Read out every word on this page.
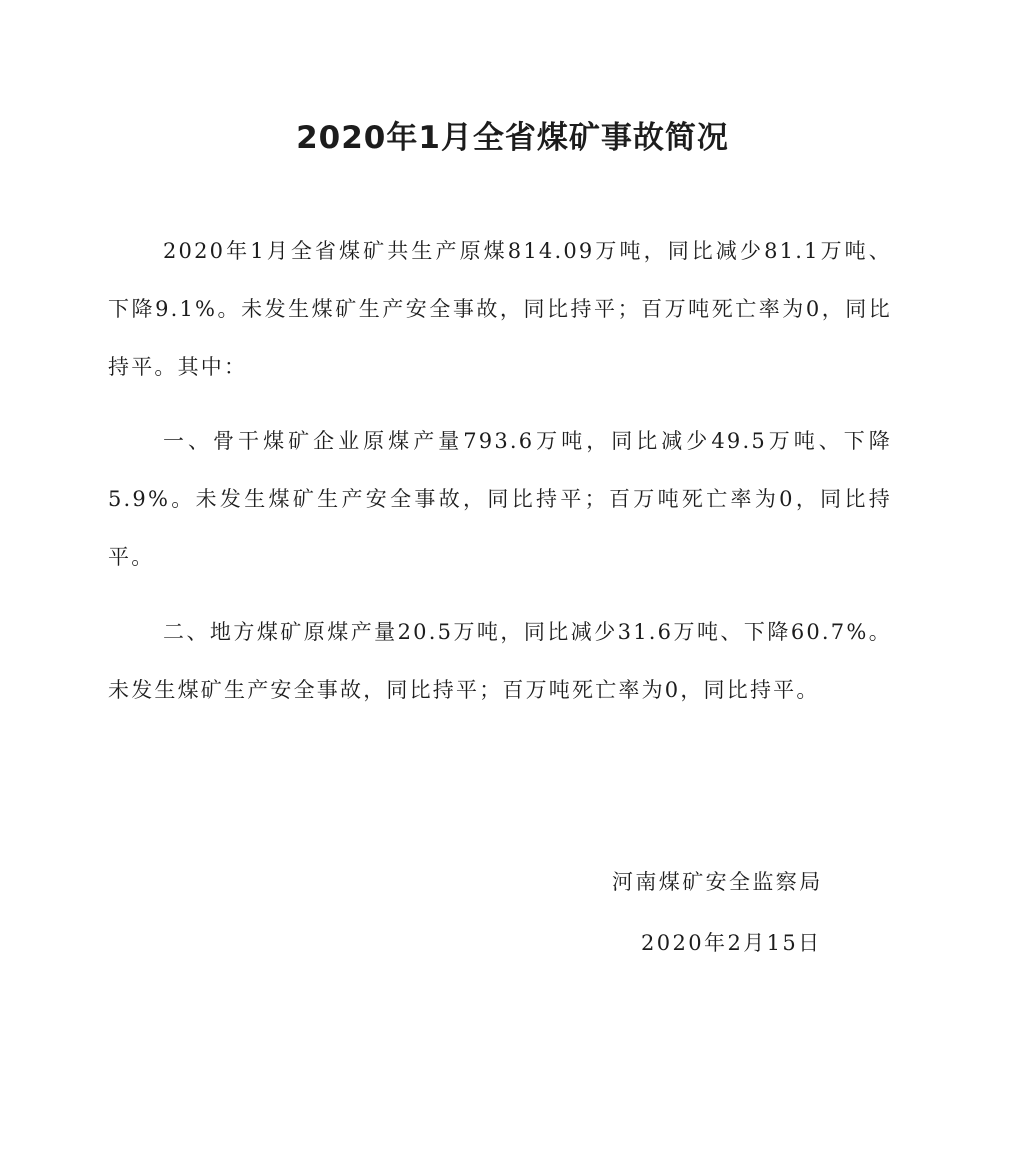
2020年1月全省煤矿事故简况

2020年1月全省煤矿共生产原煤814.09万吨，同比减少81.1万吨、下降9.1%。未发生煤矿生产安全事故，同比持平；百万吨死亡率为0，同比持平。其中：

一、骨干煤矿企业原煤产量793.6万吨，同比减少49.5万吨、下降5.9%。未发生煤矿生产安全事故，同比持平；百万吨死亡率为0，同比持平。

二、地方煤矿原煤产量20.5万吨，同比减少31.6万吨、下降60.7%。未发生煤矿生产安全事故，同比持平；百万吨死亡率为0，同比持平。

河南煤矿安全监察局

2020年2月15日
